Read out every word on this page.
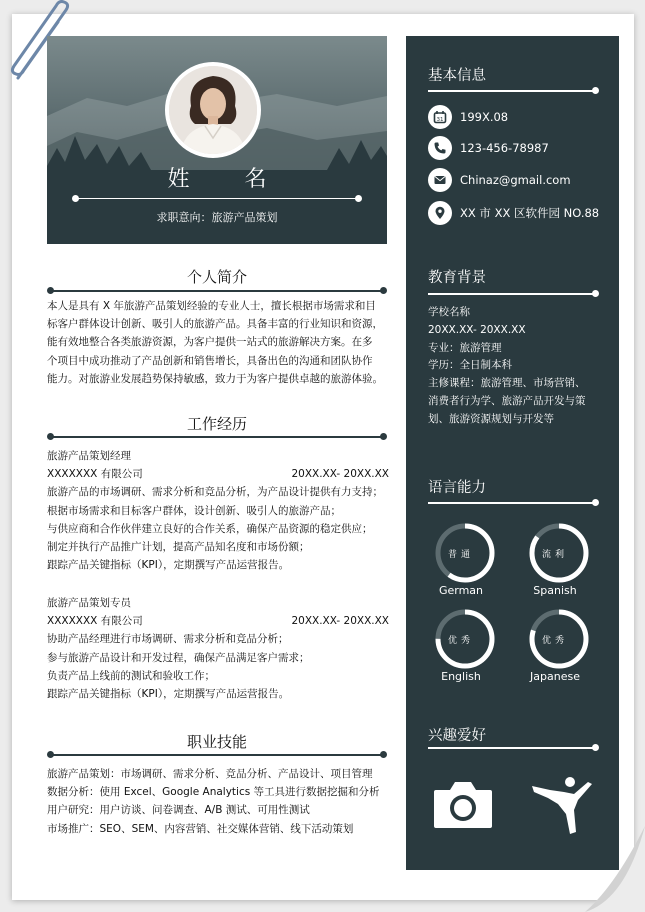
姓 名
求职意向：旅游产品策划
个人简介
本人是具有 X 年旅游产品策划经验的专业人士，擅长根据市场需求和目
标客户群体设计创新、吸引人的旅游产品。具备丰富的行业知识和资源，
能有效地整合各类旅游资源，为客户提供一站式的旅游解决方案。在多
个项目中成功推动了产品创新和销售增长，具备出色的沟通和团队协作
能力。对旅游业发展趋势保持敏感，致力于为客户提供卓越的旅游体验。
工作经历
旅游产品策划经理
XXXXXXX 有限公司	20XX.XX- 20XX.XX
旅游产品的市场调研、需求分析和竞品分析，为产品设计提供有力支持；
根据市场需求和目标客户群体，设计创新、吸引人的旅游产品；
与供应商和合作伙伴建立良好的合作关系，确保产品资源的稳定供应；
制定并执行产品推广计划，提高产品知名度和市场份额；
跟踪产品关键指标（KPI），定期撰写产品运营报告。
旅游产品策划专员
XXXXXXX 有限公司	20XX.XX- 20XX.XX
协助产品经理进行市场调研、需求分析和竞品分析；
参与旅游产品设计和开发过程，确保产品满足客户需求；
负责产品上线前的测试和验收工作；
跟踪产品关键指标（KPI），定期撰写产品运营报告。
职业技能
旅游产品策划：市场调研、需求分析、竞品分析、产品设计、项目管理
数据分析：使用 Excel、Google Analytics 等工具进行数据挖掘和分析
用户研究：用户访谈、问卷调查、A/B 测试、可用性测试
市场推广：SEO、SEM、内容营销、社交媒体营销、线下活动策划
基本信息
31 199X.08
123-456-78987
Chinaz@gmail.com
XX 市 XX 区软件园 NO.88
教育背景
学校名称
20XX.XX- 20XX.XX
专业：旅游管理
学历：全日制本科
主修课程：旅游管理、市场营销、
消费者行为学、旅游产品开发与策
划、旅游资源规划与开发等
语言能力
普通
German
流利
Spanish
优秀
English
优秀
Japanese
兴趣爱好
